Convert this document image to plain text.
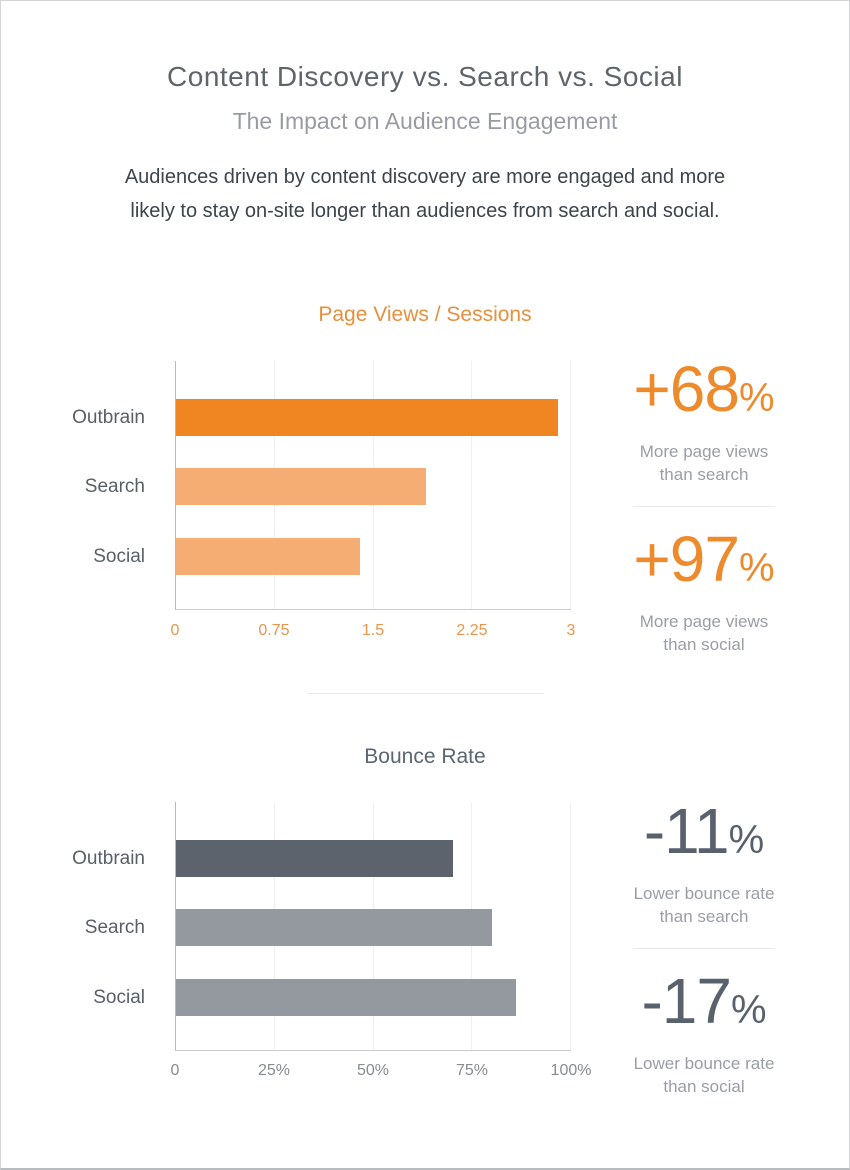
Content Discovery vs. Search vs. Social
The Impact on Audience Engagement
Audiences driven by content discovery are more engaged and more
likely to stay on-site longer than audiences from search and social.
Page Views / Sessions
Outbrain
Search
Social
0	0.75	1.5	2.25	3
+68%
More page views
than search
+97%
More page views
than social
Bounce Rate
Outbrain
Search
Social
0	25%	50%	75%	100%
-11%
Lower bounce rate
than search
-17%
Lower bounce rate
than social
